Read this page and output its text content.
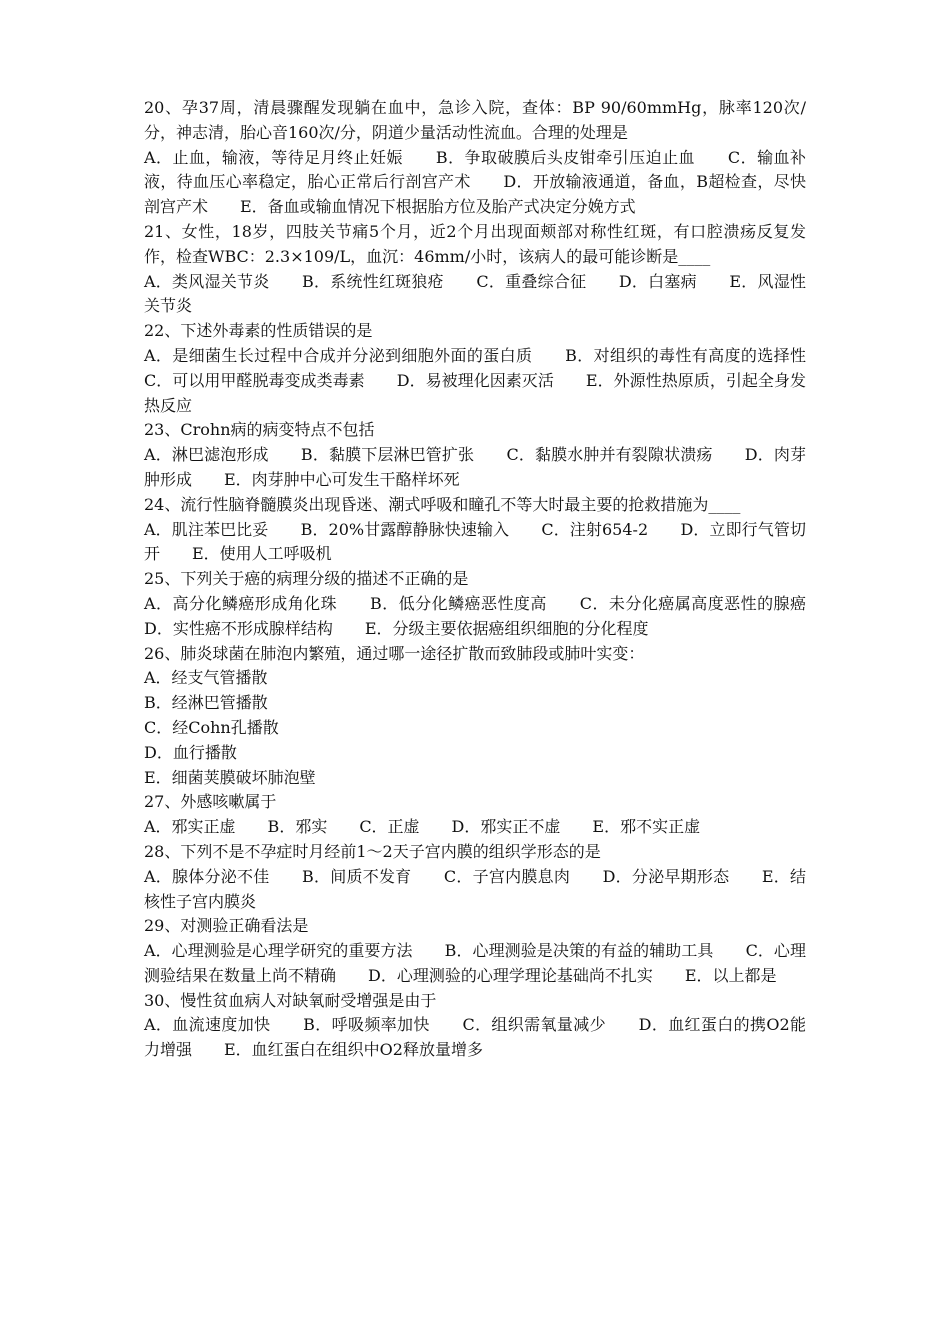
20、孕37周，清晨骤醒发现躺在血中，急诊入院，查体：BP 90/60mmHg，脉率120次/分，神志清，胎心音160次/分，阴道少量活动性流血。合理的处理是

A．止血，输液，等待足月终止妊娠　　B．争取破膜后头皮钳牵引压迫止血　　C．输血补液，待血压心率稳定，胎心正常后行剖宫产术　　D．开放输液通道，备血，B超检查，尽快剖宫产术　　E．备血或输血情况下根据胎方位及胎产式决定分娩方式

21、女性，18岁，四肢关节痛5个月，近2个月出现面颊部对称性红斑，有口腔溃疡反复发作，检查WBC：2.3×109/L，血沉：46mm/小时，该病人的最可能诊断是____

A．类风湿关节炎　　B．系统性红斑狼疮　　C．重叠综合征　　D．白塞病　　E．风湿性关节炎

22、下述外毒素的性质错误的是

A．是细菌生长过程中合成并分泌到细胞外面的蛋白质　　B．对组织的毒性有高度的选择性　　C．可以用甲醛脱毒变成类毒素　　D．易被理化因素灭活　　E．外源性热原质，引起全身发热反应

23、Crohn病的病变特点不包括

A．淋巴滤泡形成　　B．黏膜下层淋巴管扩张　　C．黏膜水肿并有裂隙状溃疡　　D．肉芽肿形成　　E．肉芽肿中心可发生干酪样坏死

24、流行性脑脊髓膜炎出现昏迷、潮式呼吸和瞳孔不等大时最主要的抢救措施为____

A．肌注苯巴比妥　　B．20%甘露醇静脉快速输入　　C．注射654-2　　D．立即行气管切开　　E．使用人工呼吸机

25、下列关于癌的病理分级的描述不正确的是

A．高分化鳞癌形成角化珠　　B．低分化鳞癌恶性度高　　C．未分化癌属高度恶性的腺癌　　D．实性癌不形成腺样结构　　E．分级主要依据癌组织细胞的分化程度

26、肺炎球菌在肺泡内繁殖，通过哪一途径扩散而致肺段或肺叶实变：

A．经支气管播散

B．经淋巴管播散

C．经Cohn孔播散

D．血行播散

E．细菌荚膜破坏肺泡壁

27、外感咳嗽属于

A．邪实正虚　　B．邪实　　C．正虚　　D．邪实正不虚　　E．邪不实正虚

28、下列不是不孕症时月经前1～2天子宫内膜的组织学形态的是

A．腺体分泌不佳　　B．间质不发育　　C．子宫内膜息肉　　D．分泌早期形态　　E．结核性子宫内膜炎

29、对测验正确看法是

A．心理测验是心理学研究的重要方法　　B．心理测验是决策的有益的辅助工具　　C．心理测验结果在数量上尚不精确　　D．心理测验的心理学理论基础尚不扎实　　E．以上都是

30、慢性贫血病人对缺氧耐受增强是由于

A．血流速度加快　　B．呼吸频率加快　　C．组织需氧量减少　　D．血红蛋白的携O2能力增强　　E．血红蛋白在组织中O2释放量增多
